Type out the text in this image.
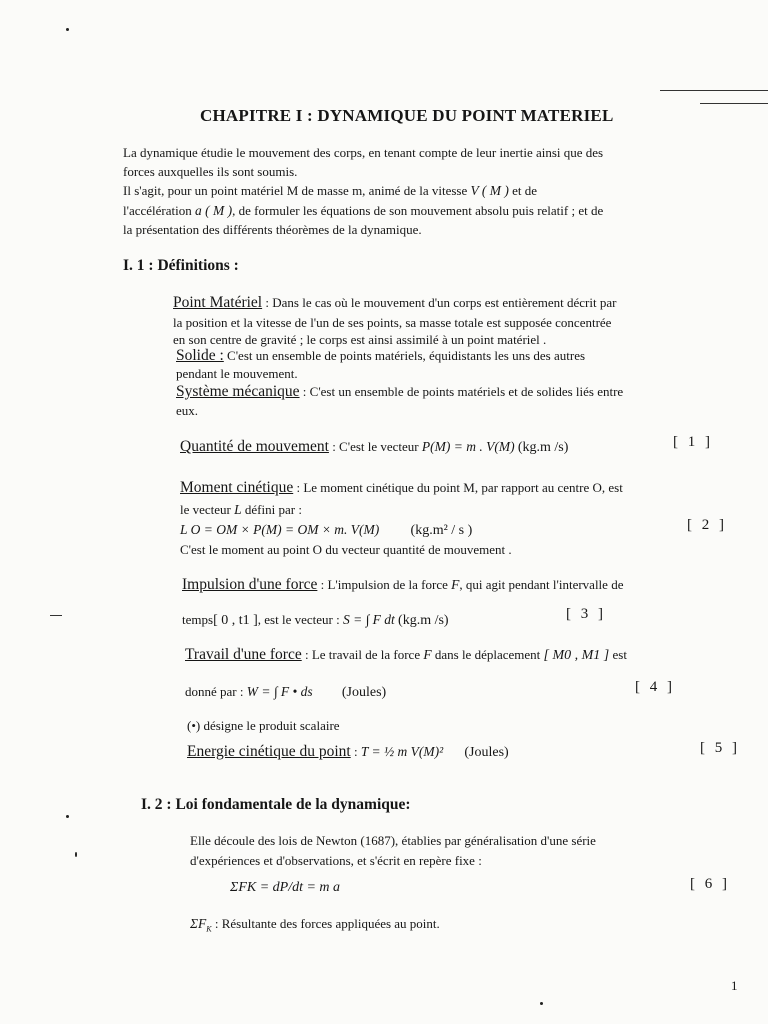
CHAPITRE I : DYNAMIQUE DU POINT MATERIEL
La dynamique étudie le mouvement des corps, en tenant compte de leur inertie ainsi que des
forces auxquelles ils sont soumis.
Il s'agit, pour un point matériel M de masse m, animé de la vitesse V ( M ) et de
l'accélération a ( M ), de formuler les équations de son mouvement absolu puis relatif ; et de
la présentation des différents théorèmes de la dynamique.
I. 1 : Définitions :
Point Matériel : Dans le cas où le mouvement d'un corps est entièrement décrit par
la position et la vitesse de l'un de ses points, sa masse totale est supposée concentrée
en son centre de gravité ; le corps est ainsi assimilé à un point matériel .
Solide : C'est un ensemble de points matériels, équidistants les uns des autres
pendant le mouvement.
Système mécanique : C'est un ensemble de points matériels et de solides liés entre
eux.
Quantité de mouvement : C'est le vecteur P(M) = m . V(M) (kg.m /s)	[ 1 ]
Moment cinétique : Le moment cinétique du point M, par rapport au centre O, est
le vecteur L défini par :
L O = OM × P(M) = OM × m. V(M) (kg.m² / s )	[ 2 ]
C'est le moment au point O du vecteur quantité de mouvement .
Impulsion d'une force : L'impulsion de la force F, qui agit pendant l'intervalle de
temps[ 0 , t1 ], est le vecteur : S = ∫ F dt (kg.m /s)	[ 3 ]
Travail d'une force : Le travail de la force F dans le déplacement [ M0 , M1 ] est
donné par : W = ∫ F • ds (Joules)	[ 4 ]
(•) désigne le produit scalaire
Energie cinétique du point : T = ½ m V(M)² (Joules)	[ 5 ]
I. 2 : Loi fondamentale de la dynamique:
Elle découle des lois de Newton (1687), établies par généralisation d'une série
d'expériences et d'observations, et s'écrit en repère fixe :
ΣFK = dP/dt = m a	[ 6 ]
$\Sigma F_K$ : Résultante des forces appliquées au point.
1
